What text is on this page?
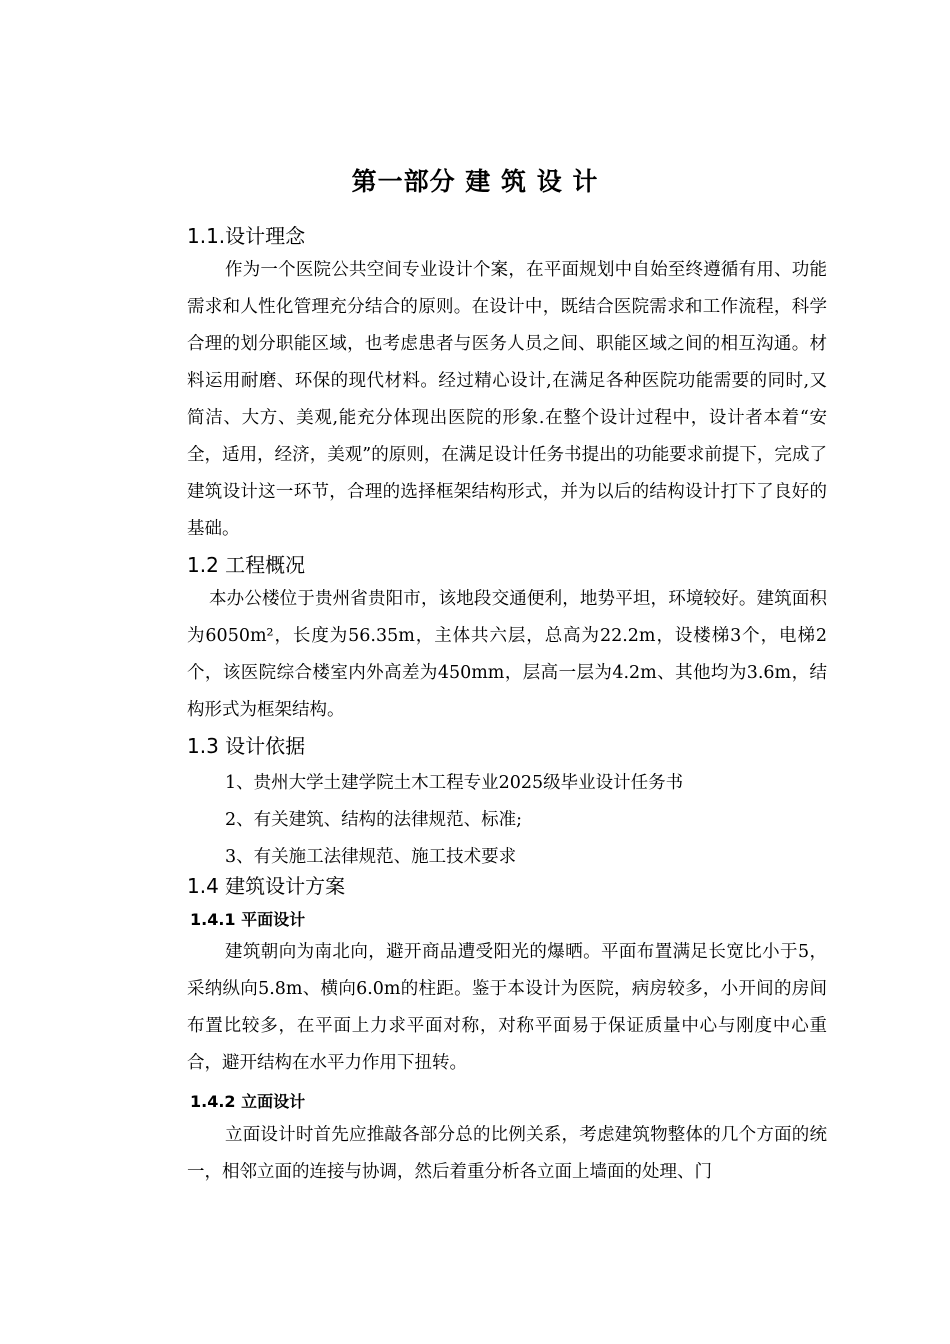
第一部分 建 筑 设 计
1.1.设计理念

作为一个医院公共空间专业设计个案，在平面规划中自始至终遵循有用、功能需求和人性化管理充分结合的原则。在设计中，既结合医院需求和工作流程，科学合理的划分职能区域，也考虑患者与医务人员之间、职能区域之间的相互沟通。材料运用耐磨、环保的现代材料。经过精心设计,在满足各种医院功能需要的同时,又简洁、大方、美观,能充分体现出医院的形象.在整个设计过程中，设计者本着“安全，适用，经济，美观”的原则，在满足设计任务书提出的功能要求前提下，完成了建筑设计这一环节，合理的选择框架结构形式，并为以后的结构设计打下了良好的基础。

1.2 工程概况

本办公楼位于贵州省贵阳市，该地段交通便利，地势平坦，环境较好。建筑面积为6050m²，长度为56.35m，主体共六层，总高为22.2m，设楼梯3个，电梯2个，该医院综合楼室内外高差为450mm，层高一层为4.2m、其他均为3.6m，结构形式为框架结构。

1.3 设计依据
1、贵州大学土建学院土木工程专业2025级毕业设计任务书
2、有关建筑、结构的法律规范、标准;
3、有关施工法律规范、施工技术要求
1.4 建筑设计方案
1.4.1 平面设计

建筑朝向为南北向，避开商品遭受阳光的爆晒。平面布置满足长宽比小于5，采纳纵向5.8m、横向6.0m的柱距。鉴于本设计为医院，病房较多，小开间的房间布置比较多，在平面上力求平面对称，对称平面易于保证质量中心与刚度中心重合，避开结构在水平力作用下扭转。

1.4.2 立面设计

立面设计时首先应推敲各部分总的比例关系，考虑建筑物整体的几个方面的统一，相邻立面的连接与协调，然后着重分析各立面上墙面的处理、门
